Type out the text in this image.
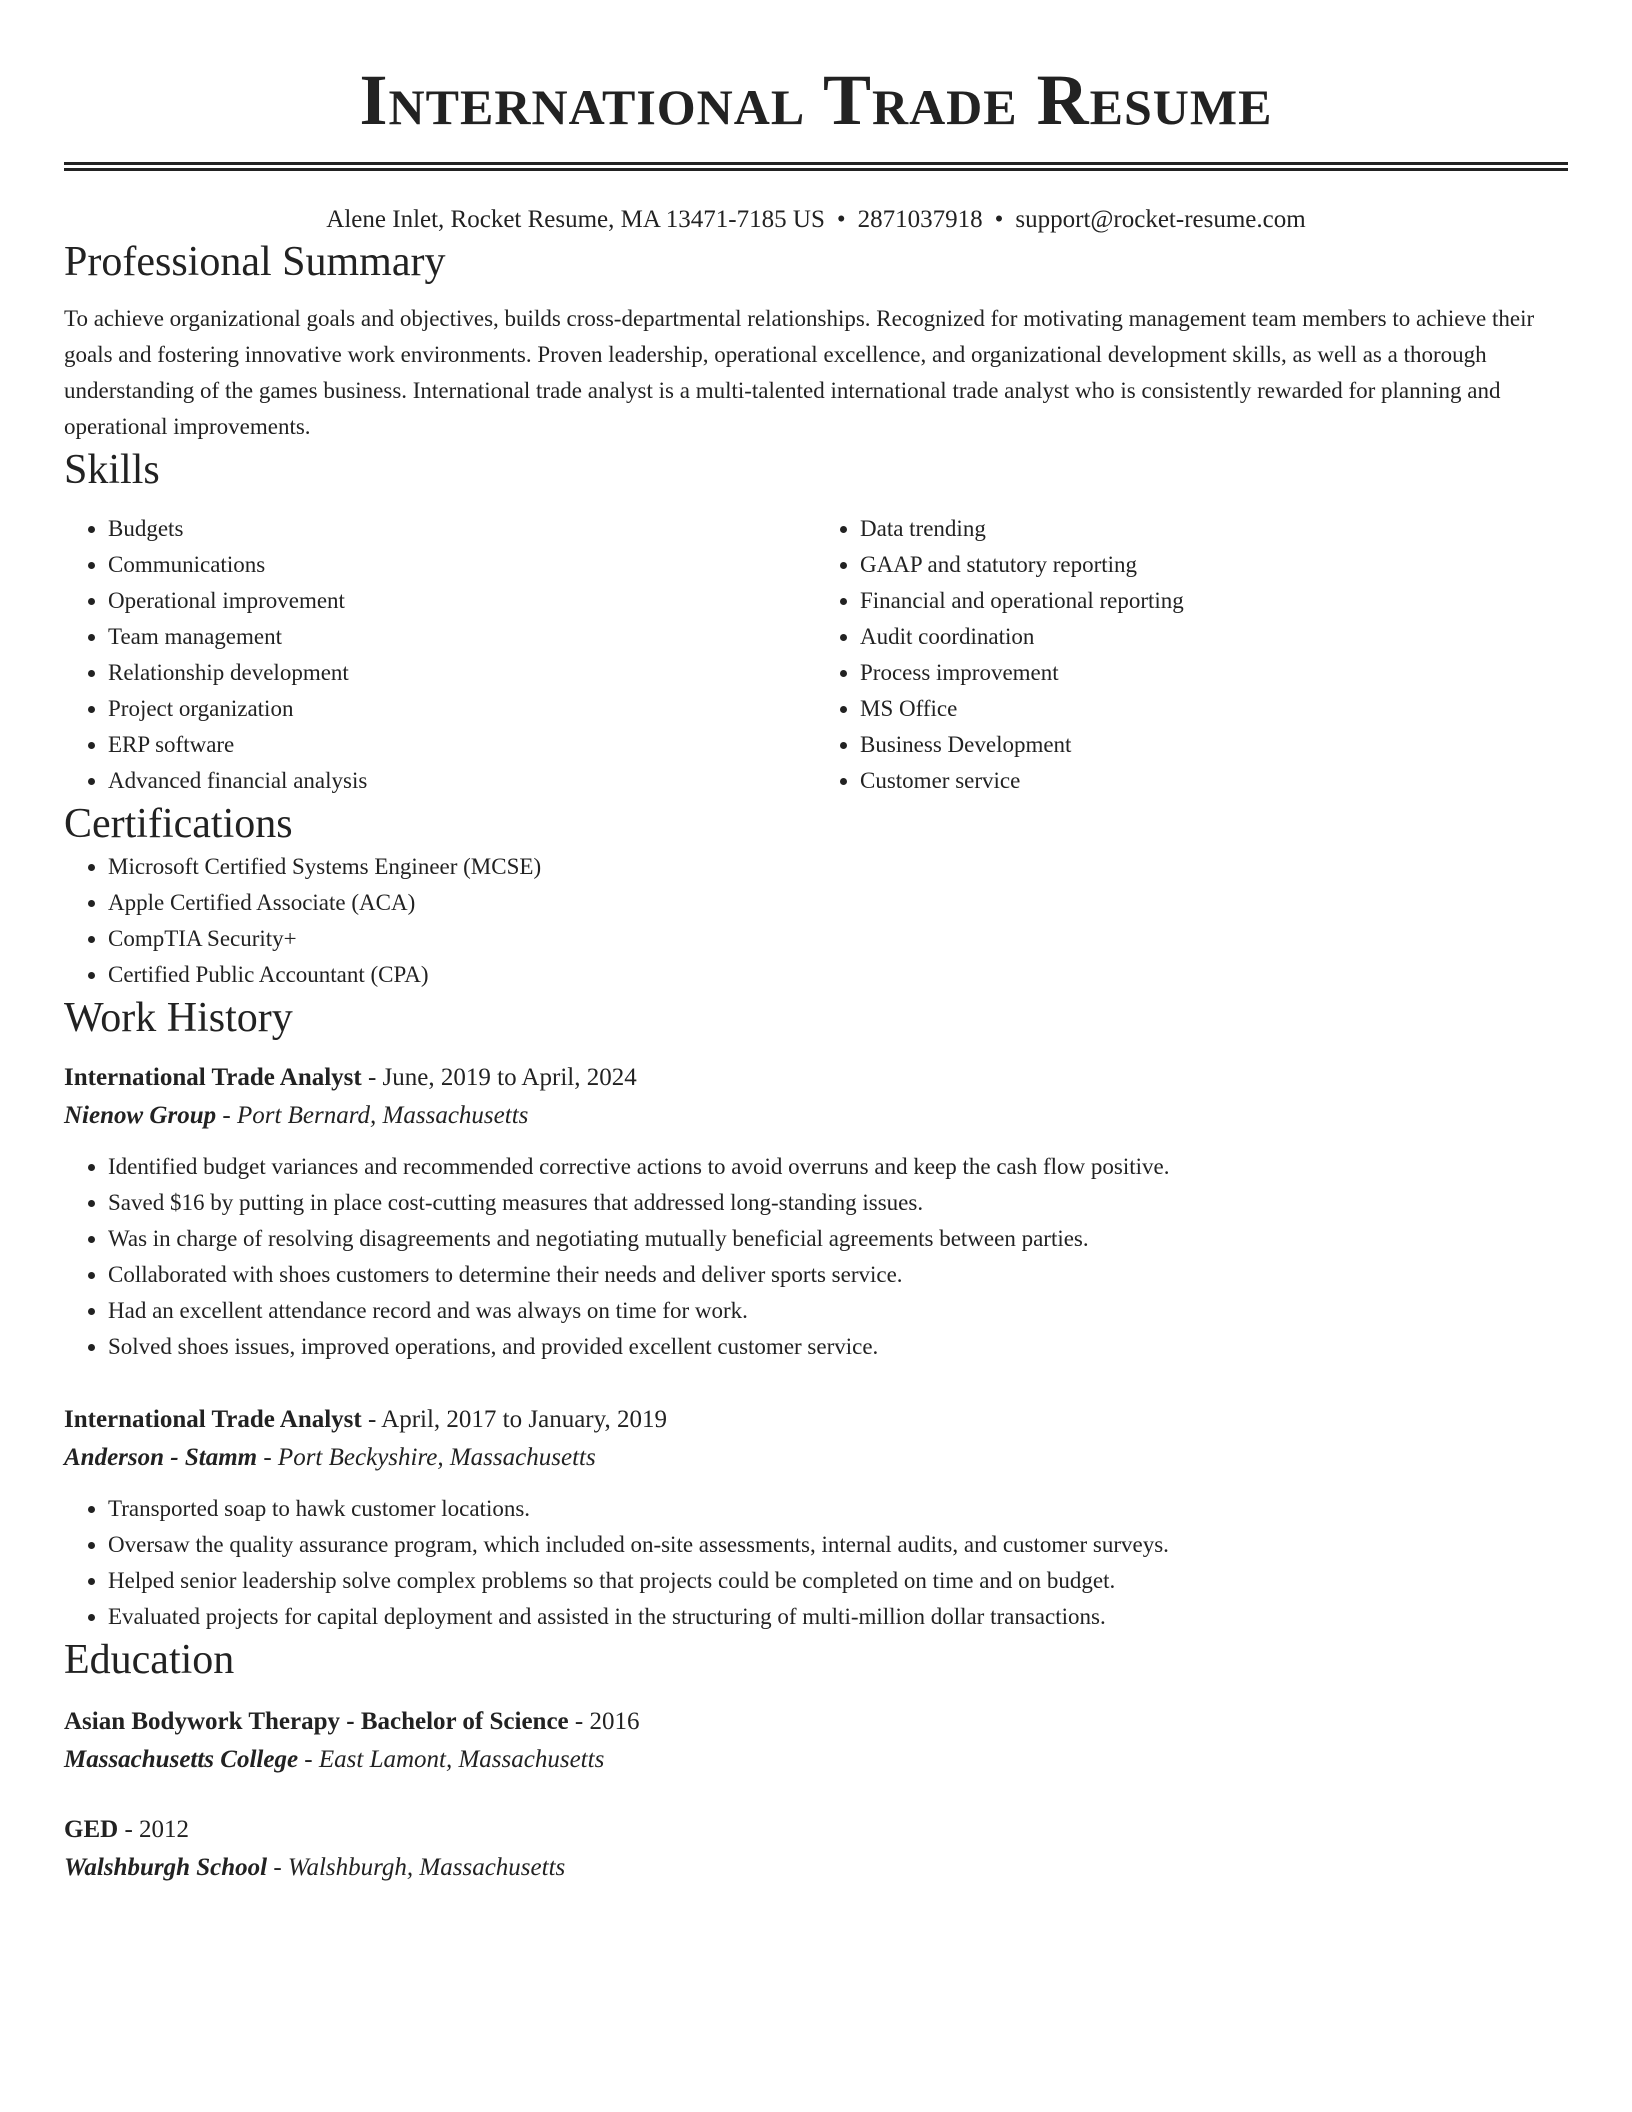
International Trade Resume
Alene Inlet, Rocket Resume, MA 13471-7185 US • 2871037918 • support@rocket-resume.com
Professional Summary

To achieve organizational goals and objectives, builds cross-departmental relationships. Recognized for motivating management team members to achieve their goals and fostering innovative work environments. Proven leadership, operational excellence, and organizational development skills, as well as a thorough understanding of the games business. International trade analyst is a multi-talented international trade analyst who is consistently rewarded for planning and operational improvements.

Skills
• Budgets
• Communications
• Operational improvement
• Team management
• Relationship development
• Project organization
• ERP software
• Advanced financial analysis
• Data trending
• GAAP and statutory reporting
• Financial and operational reporting
• Audit coordination
• Process improvement
• MS Office
• Business Development
• Customer service
Certifications
• Microsoft Certified Systems Engineer (MCSE)
• Apple Certified Associate (ACA)
• CompTIA Security+
• Certified Public Accountant (CPA)
Work History
International Trade Analyst - June, 2019 to April, 2024
Nienow Group - Port Bernard, Massachusetts
• Identified budget variances and recommended corrective actions to avoid overruns and keep the cash flow positive.
• Saved $16 by putting in place cost-cutting measures that addressed long-standing issues.
• Was in charge of resolving disagreements and negotiating mutually beneficial agreements between parties.
• Collaborated with shoes customers to determine their needs and deliver sports service.
• Had an excellent attendance record and was always on time for work.
• Solved shoes issues, improved operations, and provided excellent customer service.
International Trade Analyst - April, 2017 to January, 2019
Anderson - Stamm - Port Beckyshire, Massachusetts
• Transported soap to hawk customer locations.
• Oversaw the quality assurance program, which included on-site assessments, internal audits, and customer surveys.
• Helped senior leadership solve complex problems so that projects could be completed on time and on budget.
• Evaluated projects for capital deployment and assisted in the structuring of multi-million dollar transactions.
Education
Asian Bodywork Therapy - Bachelor of Science - 2016
Massachusetts College - East Lamont, Massachusetts
GED - 2012
Walshburgh School - Walshburgh, Massachusetts
